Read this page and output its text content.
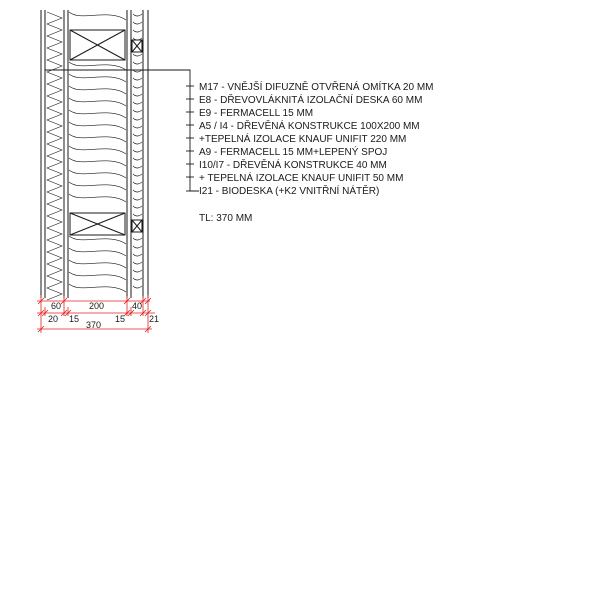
M17 - VNĚJŠÍ DIFUZNĚ OTVŘENÁ OMÍTKA 20 MM
E8 - DŘEVOVLÁKNITÁ IZOLAČNÍ DESKA 60 MM
E9 - FERMACELL 15 MM
A5 / I4 - DŘEVĚNÁ KONSTRUKCE 100X200 MM
+TEPELNÁ IZOLACE KNAUF UNIFIT 220 MM
A9 - FERMACELL 15 MM+LEPENÝ SPOJ
I10/I7 - DŘEVĚNÁ KONSTRUKCE 40 MM
+ TEPELNÁ IZOLACE KNAUF UNIFIT 50 MM
I21 - BIODESKA (+K2 VNITŘNÍ NÁTĚR)
TL: 370 MM
60	200	40
20 15	15	21
370
